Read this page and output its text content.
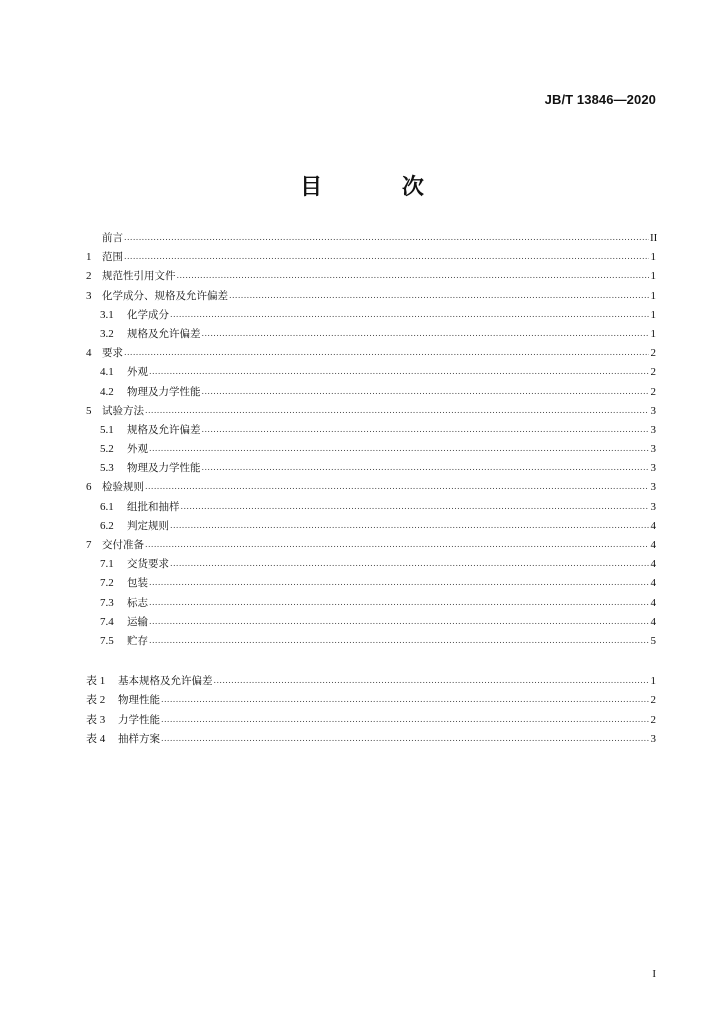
JB/T 13846—2020
目 次
前言 .....	II
1	范围 .....	1
2	规范性引用文件 .....	1
3	化学成分、规格及允许偏差 .....	1
3.1	化学成分 .....	1
3.2	规格及允许偏差 .....	1
4	要求 .....	2
4.1	外观 .....	2
4.2	物理及力学性能 .....	2
5	试验方法 .....	3
5.1	规格及允许偏差 .....	3
5.2	外观 .....	3
5.3	物理及力学性能 .....	3
6	检验规则 .....	3
6.1	组批和抽样 .....	3
6.2	判定规则 .....	4
7	交付准备 .....	4
7.1	交货要求 .....	4
7.2	包装 .....	4
7.3	标志 .....	4
7.4	运输 .....	4
7.5	贮存 .....	5
表 1	基本规格及允许偏差 .....	1
表 2	物理性能 .....	2
表 3	力学性能 .....	2
表 4	抽样方案 .....	3
I
